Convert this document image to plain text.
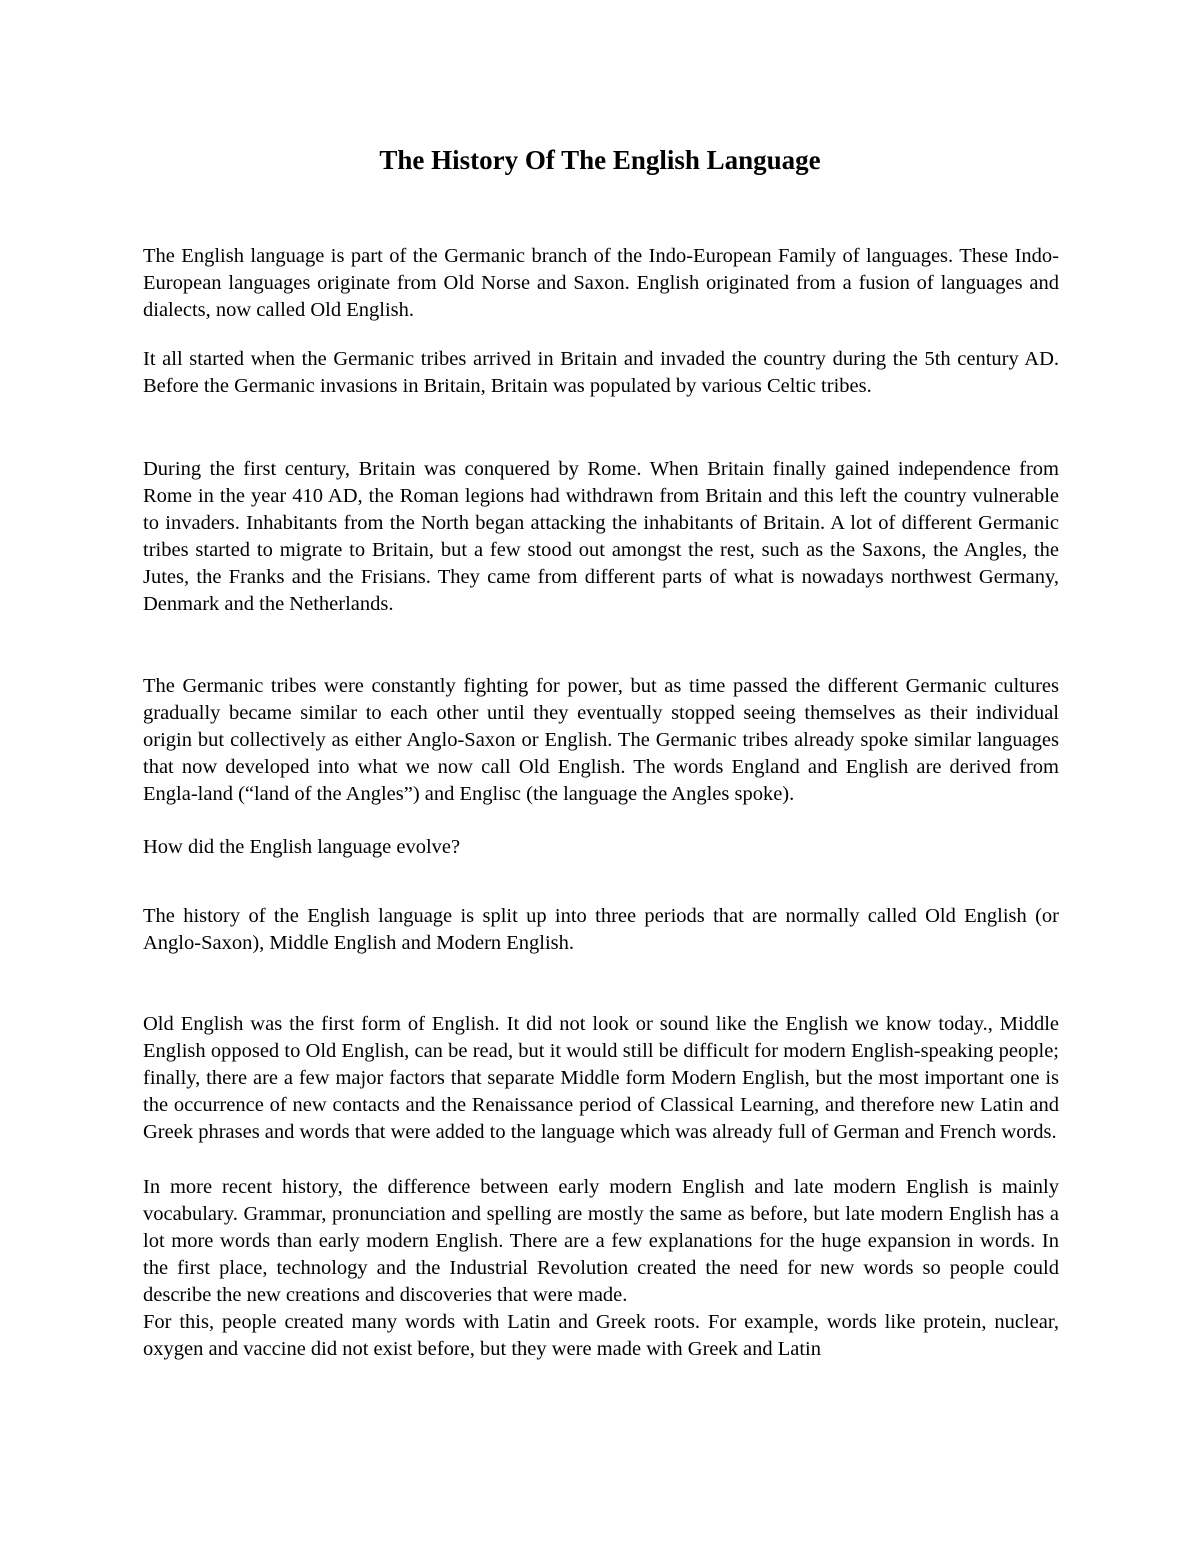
The History Of The English Language

The English language is part of the Germanic branch of the Indo-European Family of languages. These Indo-European languages originate from Old Norse and Saxon. English originated from a fusion of languages and dialects, now called Old English.

It all started when the Germanic tribes arrived in Britain and invaded the country during the 5th century AD. Before the Germanic invasions in Britain, Britain was populated by various Celtic tribes.

During the first century, Britain was conquered by Rome. When Britain finally gained independence from Rome in the year 410 AD, the Roman legions had withdrawn from Britain and this left the country vulnerable to invaders. Inhabitants from the North began attacking the inhabitants of Britain. A lot of different Germanic tribes started to migrate to Britain, but a few stood out amongst the rest, such as the Saxons, the Angles, the Jutes, the Franks and the Frisians. They came from different parts of what is nowadays northwest Germany, Denmark and the Netherlands.

The Germanic tribes were constantly fighting for power, but as time passed the different Germanic cultures gradually became similar to each other until they eventually stopped seeing themselves as their individual origin but collectively as either Anglo-Saxon or English. The Germanic tribes already spoke similar languages that now developed into what we now call Old English. The words England and English are derived from Engla-land (“land of the Angles”) and Englisc (the language the Angles spoke).

How did the English language evolve?

The history of the English language is split up into three periods that are normally called Old English (or Anglo-Saxon), Middle English and Modern English.

Old English was the first form of English. It did not look or sound like the English we know today., Middle English opposed to Old English, can be read, but it would still be difficult for modern English-speaking people; finally, there are a few major factors that separate Middle form Modern English, but the most important one is the occurrence of new contacts and the Renaissance period of Classical Learning, and therefore new Latin and Greek phrases and words that were added to the language which was already full of German and French words.

In more recent history, the difference between early modern English and late modern English is mainly vocabulary. Grammar, pronunciation and spelling are mostly the same as before, but late modern English has a lot more words than early modern English. There are a few explanations for the huge expansion in words. In the first place, technology and the Industrial Revolution created the need for new words so people could describe the new creations and discoveries that were made.

For this, people created many words with Latin and Greek roots. For example, words like protein, nuclear, oxygen and vaccine did not exist before, but they were made with Greek and Latin
